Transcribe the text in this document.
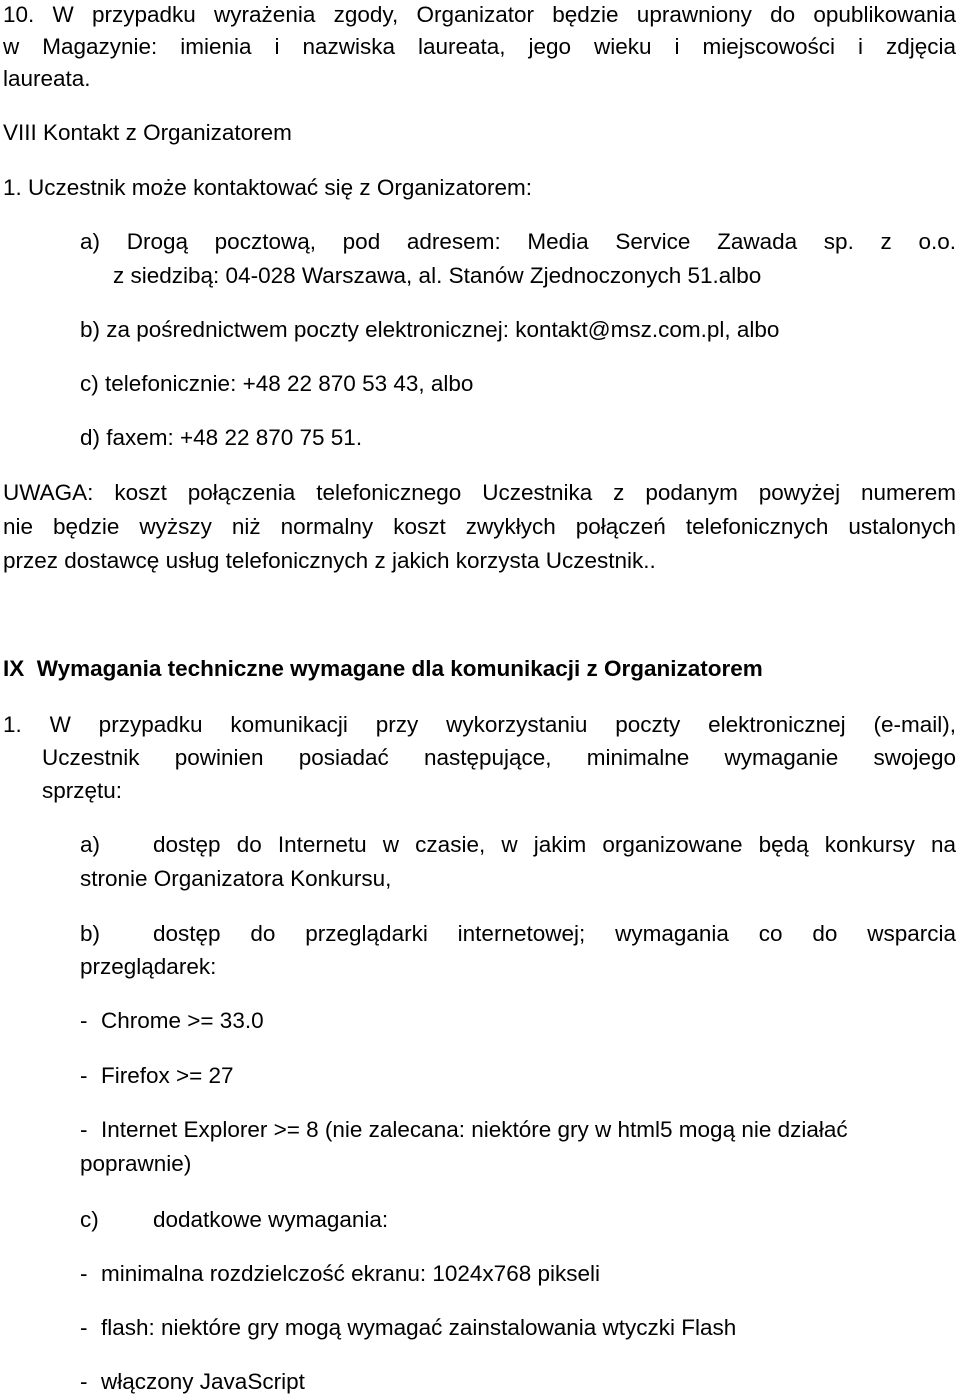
10. W przypadku wyrażenia zgody, Organizator będzie uprawniony do opublikowania
w Magazynie: imienia i nazwiska laureata, jego wieku i miejscowości i zdjęcia
laureata.
VIII Kontakt z Organizatorem
1. Uczestnik może kontaktować się z Organizatorem:
a) Drogą pocztową, pod adresem: Media Service Zawada sp. z o.o.
z siedzibą: 04-028 Warszawa, al. Stanów Zjednoczonych 51.albo
b) za pośrednictwem poczty elektronicznej: kontakt@msz.com.pl, albo
c) telefonicznie: +48 22 870 53 43, albo
d) faxem: +48 22 870 75 51.
UWAGA: koszt połączenia telefonicznego Uczestnika z podanym powyżej numerem
nie będzie wyższy niż normalny koszt zwykłych połączeń telefonicznych ustalonych
przez dostawcę usług telefonicznych z jakich korzysta Uczestnik..
IX  Wymagania techniczne wymagane dla komunikacji z Organizatorem
1. W przypadku komunikacji przy wykorzystaniu poczty elektronicznej (e-mail),
Uczestnik powinien posiadać następujące, minimalne wymaganie swojego
sprzętu:
a) dostęp do Internetu w czasie, w jakim organizowane będą konkursy na
stronie Organizatora Konkursu,
b) dostęp do przeglądarki internetowej; wymagania co do wsparcia
przeglądarek:
- Chrome >= 33.0
- Firefox >= 27
- Internet Explorer >= 8 (nie zalecana: niektóre gry w html5 mogą nie działać
poprawnie)
c) dodatkowe wymagania:
- minimalna rozdzielczość ekranu: 1024x768 pikseli
- flash: niektóre gry mogą wymagać zainstalowania wtyczki Flash
- włączony JavaScript
